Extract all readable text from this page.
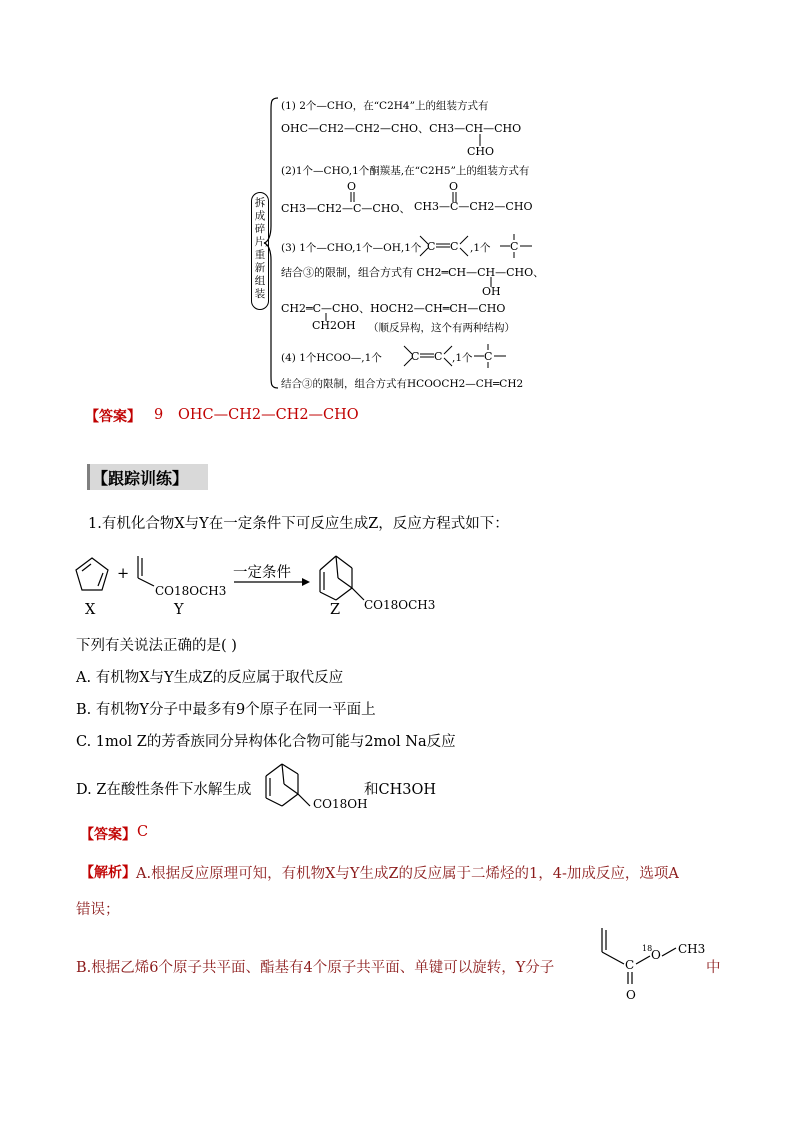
拆成碎片,重新组装
(1) 2个—CHO，在“C2H4”上的组装方式有
OHC—CH2—CH2—CHO、CH3—CH—CHO
CHO
(2)1个—CHO,1个酮羰基,在“C2H5”上的组装方式有
O	O
CH3—CH2—C—CHO、 CH3—C—CH2—CHO
(3) 1个—CHO,1个—OH,1个 C C ,1个 C
结合③的限制，组合方式有 CH2═CH—CH—CHO、
OH
CH2═C—CHO、HOCH2—CH═CH—CHO
CH2OH （顺反异构，这个有两种结构）
(4) 1个HCOO—,1个	C C ,1个 C
结合③的限制，组合方式有HCOOCH2—CH═CH2
【答案】 9 OHC—CH2—CH2—CHO
【跟踪训练】
1.有机化合物X与Y在一定条件下可反应生成Z，反应方程式如下：
+	一定条件
CO18OCH3
CO18OCH3
X	Y	Z
下列有关说法正确的是( )
A. 有机物X与Y生成Z的反应属于取代反应
B. 有机物Y分子中最多有9个原子在同一平面上
C. 1mol Z的芳香族同分异构体化合物可能与2mol Na反应
D. Z在酸性条件下水解生成
CO18OH
和CH3OH
【答案】 C
【解析】 A.根据反应原理可知，有机物X与Y生成Z的反应属于二烯烃的1，4-加成反应，选项A
错误；
B.根据乙烯6个原子共平面、酯基有4个原子共平面、单键可以旋转，Y分子
18
O CH3
C
O
中
